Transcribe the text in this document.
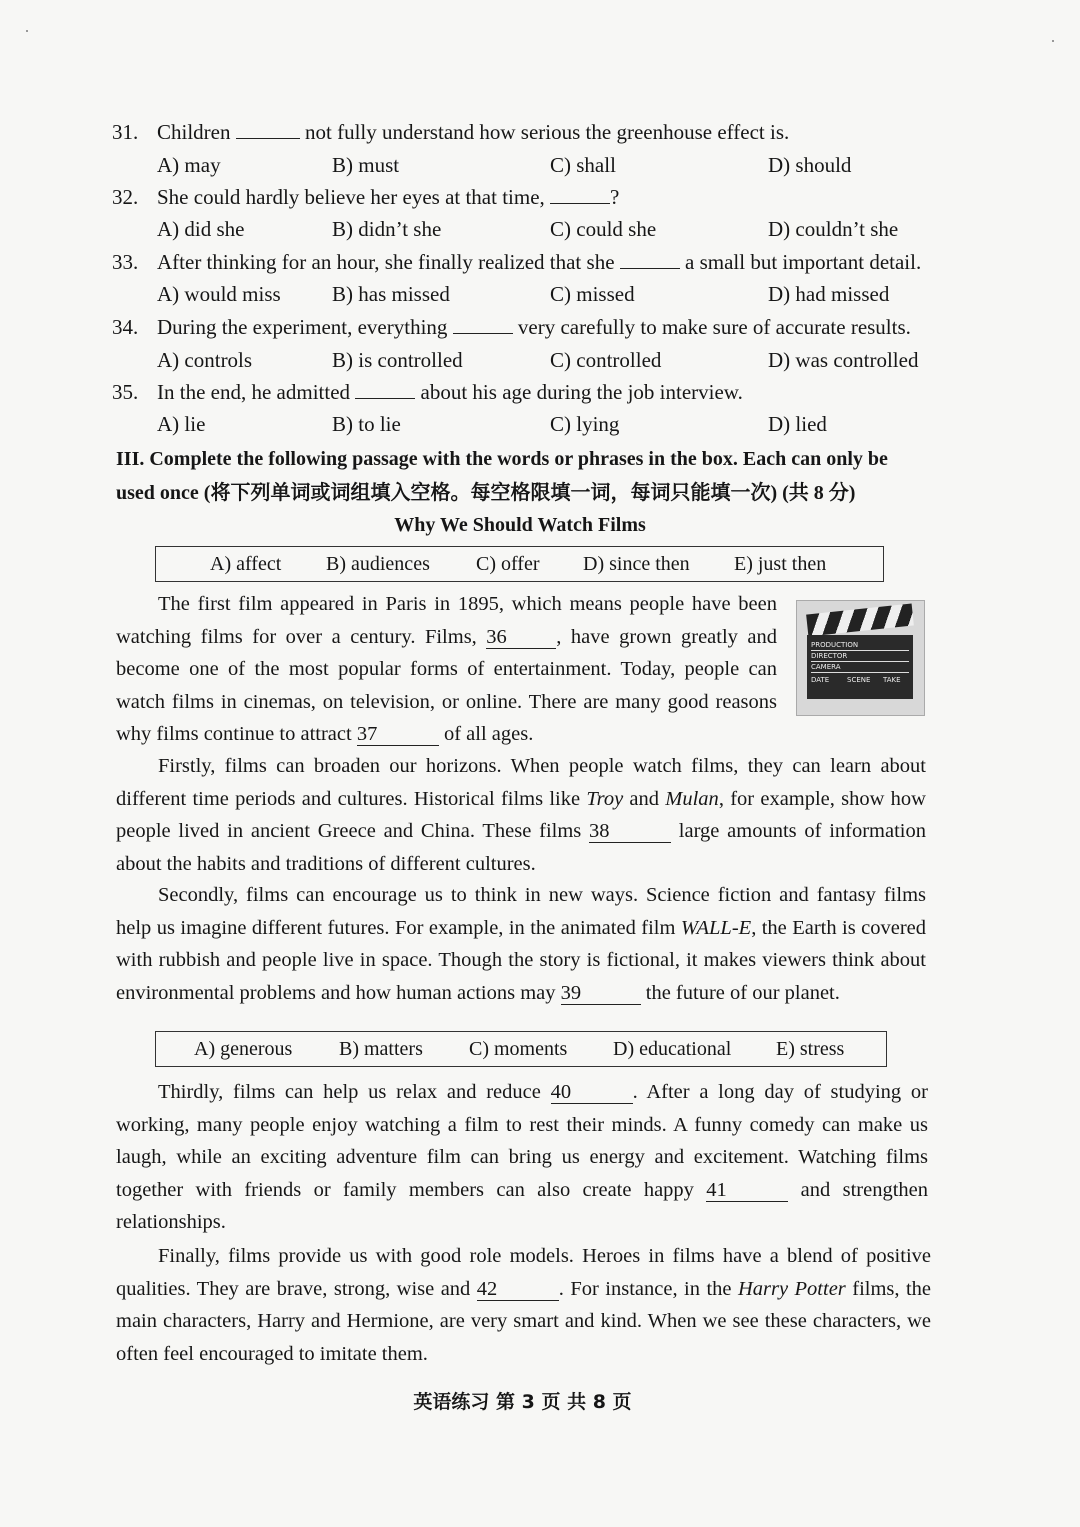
31. Children	not fully understand how serious the greenhouse effect is.
A) may	B) must	C) shall	D) should
32. She could hardly believe her eyes at that time,	?
A) did she	B) didn’t she	C) could she	D) couldn’t she
33. After thinking for an hour, she finally realized that she	a small but important detail.
A) would miss B) has missed	C) missed	D) had missed
34. During the experiment, everything	very carefully to make sure of accurate results.
A) controls	B) is controlled	C) controlled	D) was controlled
35. In the end, he admitted	about his age during the job interview.
A) lie	B) to lie	C) lying	D) lied
III. Complete the following passage with the words or phrases in the box. Each can only be
used once (将下列单词或词组填入空格。每空格限填一词，每词只能填一次) (共 8 分)
Why We Should Watch Films
A) affect B) audiences C) offer D) since then E) just then
The first film appeared in Paris in 1895, which means people have been watching films for over a century. Films, 36 , have grown greatly and become one of the most popular forms of entertainment. Today, people can watch films in cinemas, on television, or online. There are many good reasons why films continue to attract 37	of all ages.
PRODUCTION
DIRECTOR
CAMERA
DATE	SCENE TAKE
Firstly, films can broaden our horizons. When people watch films, they can learn about different time periods and cultures. Historical films like Troy and Mulan, for example, show how people lived in ancient Greece and China. These films 38	large amounts of information about the habits and traditions of different cultures.
Secondly, films can encourage us to think in new ways. Science fiction and fantasy films help us imagine different futures. For example, in the animated film WALL-E, the Earth is covered with rubbish and people live in space. Though the story is fictional, it makes viewers think about environmental problems and how human actions may 39	the future of our planet.
A) generous B) matters C) moments D) educational E) stress
Thirdly, films can help us relax and reduce 40	. After a long day of studying or working, many people enjoy watching a film to rest their minds. A funny comedy can make us laugh, while an exciting adventure film can bring us energy and excitement. Watching films together with friends or family members can also create happy 41	and strengthen relationships.
Finally, films provide us with good role models. Heroes in films have a blend of positive qualities. They are brave, strong, wise and 42	. For instance, in the Harry Potter films, the main characters, Harry and Hermione, are very smart and kind. When we see these characters, we often feel encouraged to imitate them.
英语练习 第 3 页 共 8 页
